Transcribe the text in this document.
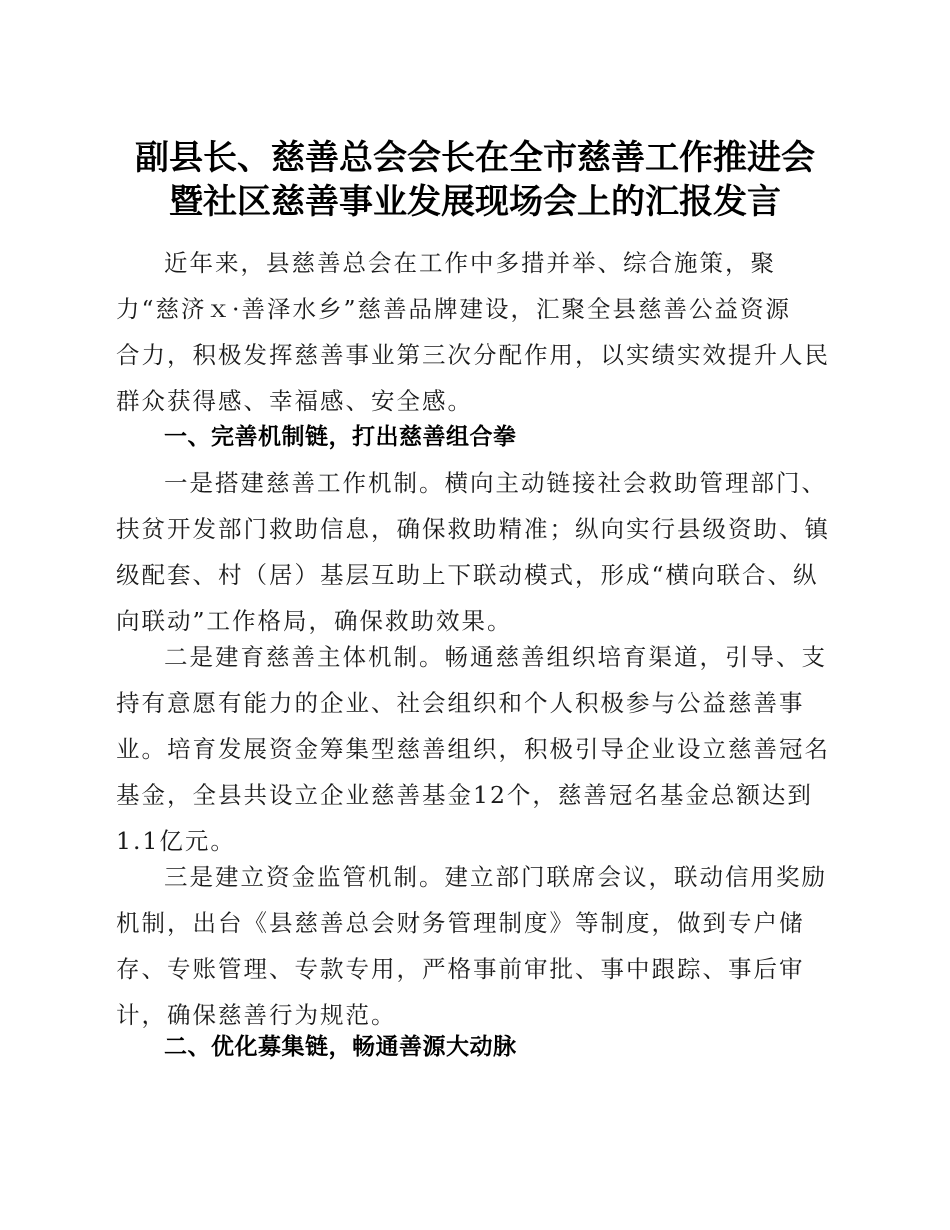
副县长、慈善总会会长在全市慈善工作推进会
暨社区慈善事业发展现场会上的汇报发言

近年来，县慈善总会在工作中多措并举、综合施策，聚
力“慈济ｘ·善泽水乡”慈善品牌建设，汇聚全县慈善公益资源
合力，积极发挥慈善事业第三次分配作用，以实绩实效提升人民
群众获得感、幸福感、安全感。

一、完善机制链，打出慈善组合拳

一是搭建慈善工作机制。横向主动链接社会救助管理部门、
扶贫开发部门救助信息，确保救助精准；纵向实行县级资助、镇
级配套、村（居）基层互助上下联动模式，形成“横向联合、纵
向联动”工作格局，确保救助效果。

二是建育慈善主体机制。畅通慈善组织培育渠道，引导、支
持有意愿有能力的企业、社会组织和个人积极参与公益慈善事
业。培育发展资金筹集型慈善组织，积极引导企业设立慈善冠名
基金，全县共设立企业慈善基金12个，慈善冠名基金总额达到
1.1亿元。

三是建立资金监管机制。建立部门联席会议，联动信用奖励
机制，出台《县慈善总会财务管理制度》等制度，做到专户储
存、专账管理、专款专用，严格事前审批、事中跟踪、事后审
计，确保慈善行为规范。

二、优化募集链，畅通善源大动脉
